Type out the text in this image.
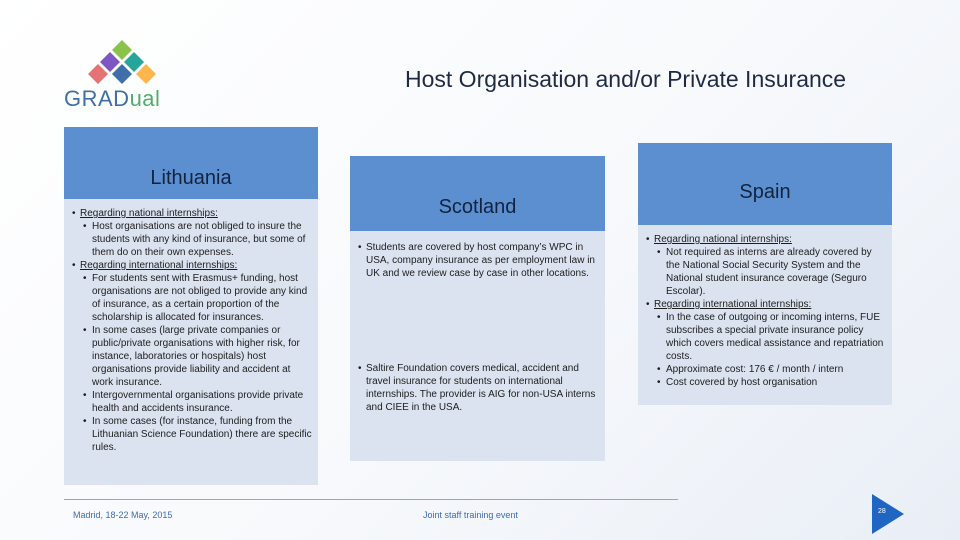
GRADual
Host Organisation and/or Private Insurance
Lithuania
• Regarding national internships:
• Host organisations are not obliged to insure the students with any kind of insurance, but some of them do on their own expenses.
• Regarding international internships:
• For students sent with Erasmus+ funding, host organisations are not obliged to provide any kind of insurance, as a certain proportion of the scholarship is allocated for insurances.
• In some cases (large private companies or public/private organisations with higher risk, for instance, laboratories or hospitals) host organisations provide liability and accident at work insurance.
• Intergovernmental organisations provide private health and accidents insurance.
• In some cases (for instance, funding from the Lithuanian Science Foundation) there are specific rules.
Scotland
• Students are covered by host company’s WPC in USA, company insurance as per employment law in UK and we review case by case in other locations.
• Saltire Foundation covers medical, accident and travel insurance for students on international internships. The provider is AIG for non-USA interns and CIEE in the USA.
Spain
• Regarding national internships:
• Not required as interns are already covered by the National Social Security System and the National student insurance coverage (Seguro Escolar).
• Regarding international internships:
• In the case of outgoing or incoming interns, FUE subscribes a special private insurance policy which covers medical assistance and repatriation costs.
• Approximate cost: 176 € / month / intern
• Cost covered by host organisation
Madrid, 18-22 May, 2015	Joint staff training event	28
